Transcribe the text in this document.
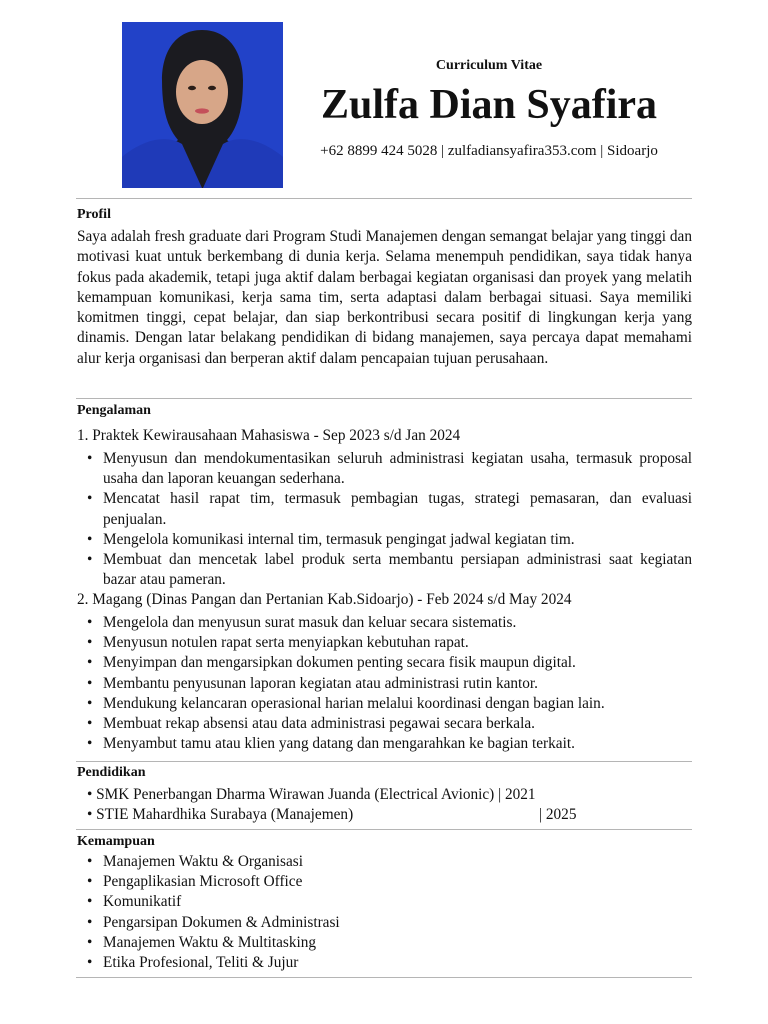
Curriculum Vitae
Zulfa Dian Syafira
+62 8899 424 5028 | zulfadiansyafira353.com | Sidoarjo
Profil
Saya adalah fresh graduate dari Program Studi Manajemen dengan semangat belajar yang tinggi dan motivasi kuat untuk berkembang di dunia kerja. Selama menempuh pendidikan, saya tidak hanya fokus pada akademik, tetapi juga aktif dalam berbagai kegiatan organisasi dan proyek yang melatih kemampuan komunikasi, kerja sama tim, serta adaptasi dalam berbagai situasi. Saya memiliki komitmen tinggi, cepat belajar, dan siap berkontribusi secara positif di lingkungan kerja yang dinamis. Dengan latar belakang pendidikan di bidang manajemen, saya percaya dapat memahami alur kerja organisasi dan berperan aktif dalam pencapaian tujuan perusahaan.
Pengalaman
1. Praktek Kewirausahaan Mahasiswa - Sep 2023 s/d Jan 2024
• Menyusun dan mendokumentasikan seluruh administrasi kegiatan usaha, termasuk proposal usaha dan laporan keuangan sederhana.
• Mencatat hasil rapat tim, termasuk pembagian tugas, strategi pemasaran, dan evaluasi penjualan.
• Mengelola komunikasi internal tim, termasuk pengingat jadwal kegiatan tim.
• Membuat dan mencetak label produk serta membantu persiapan administrasi saat kegiatan bazar atau pameran.
2. Magang (Dinas Pangan dan Pertanian Kab.Sidoarjo) - Feb 2024 s/d May 2024
• Mengelola dan menyusun surat masuk dan keluar secara sistematis.
• Menyusun notulen rapat serta menyiapkan kebutuhan rapat.
• Menyimpan dan mengarsipkan dokumen penting secara fisik maupun digital.
• Membantu penyusunan laporan kegiatan atau administrasi rutin kantor.
• Mendukung kelancaran operasional harian melalui koordinasi dengan bagian lain.
• Membuat rekap absensi atau data administrasi pegawai secara berkala.
• Menyambut tamu atau klien yang datang dan mengarahkan ke bagian terkait.
Pendidikan
• SMK Penerbangan Dharma Wirawan Juanda (Electrical Avionic) | 2021
• STIE Mahardhika Surabaya (Manajemen)	| 2025
Kemampuan
• Manajemen Waktu & Organisasi
• Pengaplikasian Microsoft Office
• Komunikatif
• Pengarsipan Dokumen & Administrasi
• Manajemen Waktu & Multitasking
• Etika Profesional, Teliti & Jujur
